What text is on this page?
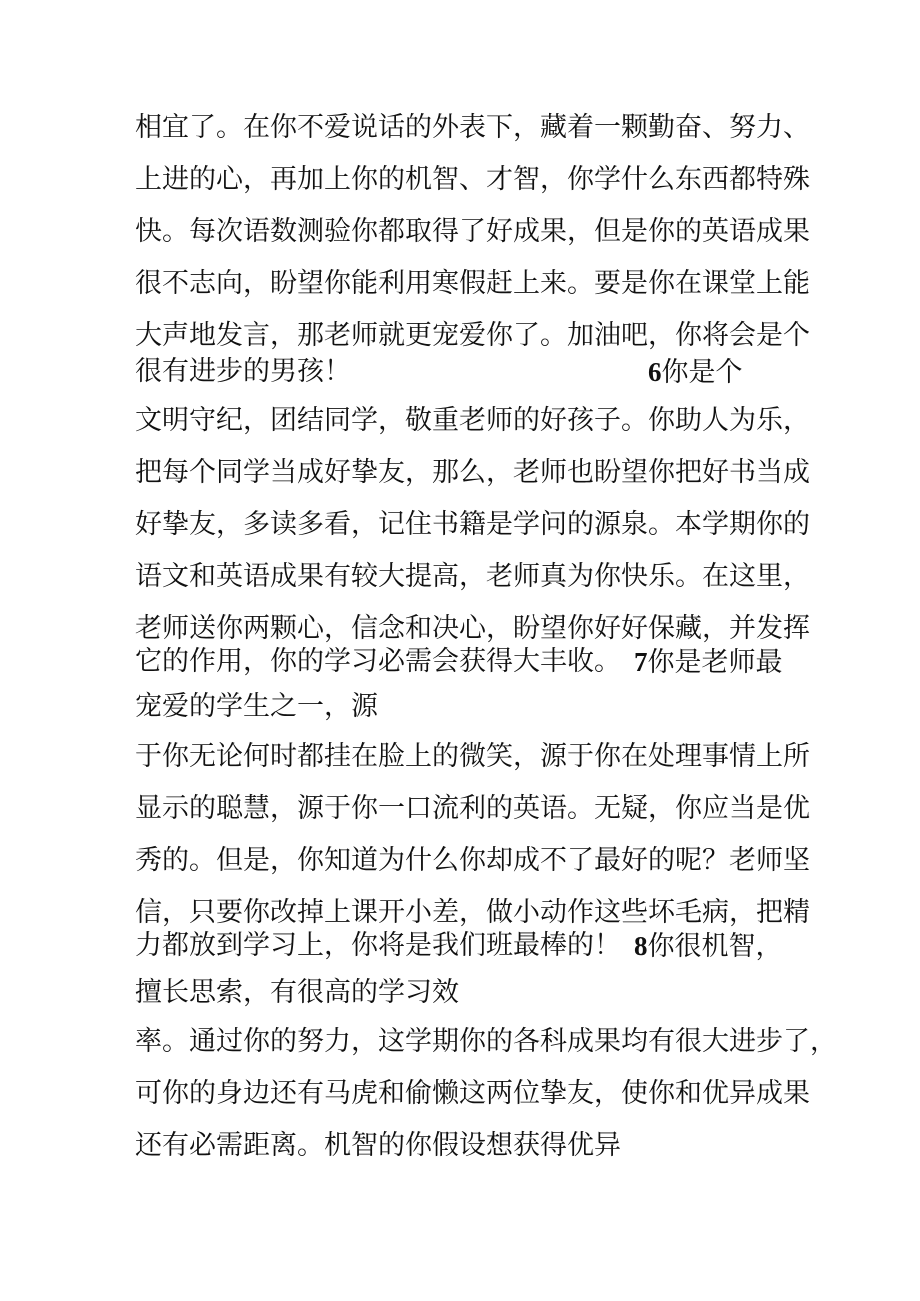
相宜了。在你不爱说话的外表下，藏着一颗勤奋、努力、
上进的心，再加上你的机智、才智，你学什么东西都特殊
快。每次语数测验你都取得了好成果，但是你的英语成果
很不志向，盼望你能利用寒假赶上来。要是你在课堂上能
大声地发言，那老师就更宠爱你了。加油吧，你将会是个
很有进步的男孩！	6你是个
文明守纪，团结同学，敬重老师的好孩子。你助人为乐，
把每个同学当成好挚友，那么，老师也盼望你把好书当成
好挚友，多读多看，记住书籍是学问的源泉。本学期你的
语文和英语成果有较大提高，老师真为你快乐。在这里，
老师送你两颗心，信念和决心，盼望你好好保藏，并发挥
它的作用，你的学习必需会获得大丰收。 7你是老师最
宠爱的学生之一，源
于你无论何时都挂在脸上的微笑，源于你在处理事情上所
显示的聪慧，源于你一口流利的英语。无疑，你应当是优
秀的。但是，你知道为什么你却成不了最好的呢？老师坚
信，只要你改掉上课开小差，做小动作这些坏毛病，把精
力都放到学习上，你将是我们班最棒的！ 8你很机智，
擅长思索，有很高的学习效
率。通过你的努力，这学期你的各科成果均有很大进步了，
可你的身边还有马虎和偷懒这两位挚友，使你和优异成果
还有必需距离。机智的你假设想获得优异
